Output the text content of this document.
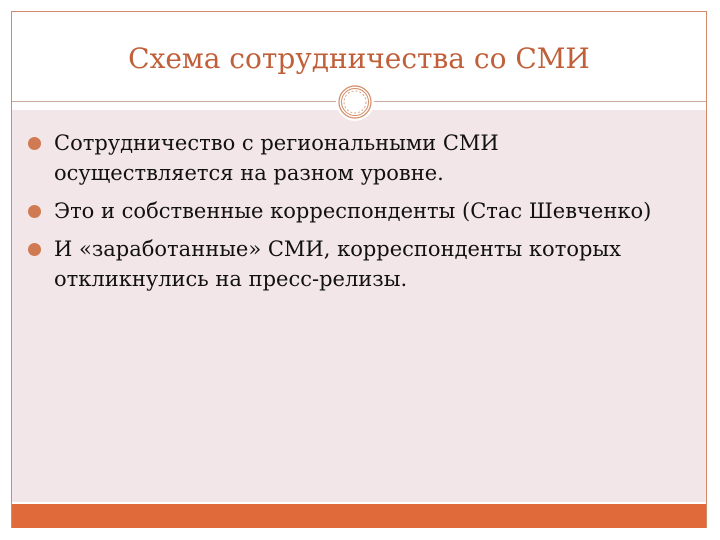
Схема сотрудничества со СМИ
Сотрудничество с региональными СМИ осуществляется на разном уровне.
Это и собственные корреспонденты (Стас Шевченко)
И «заработанные» СМИ, корреспонденты которых откликнулись на пресс-релизы.
